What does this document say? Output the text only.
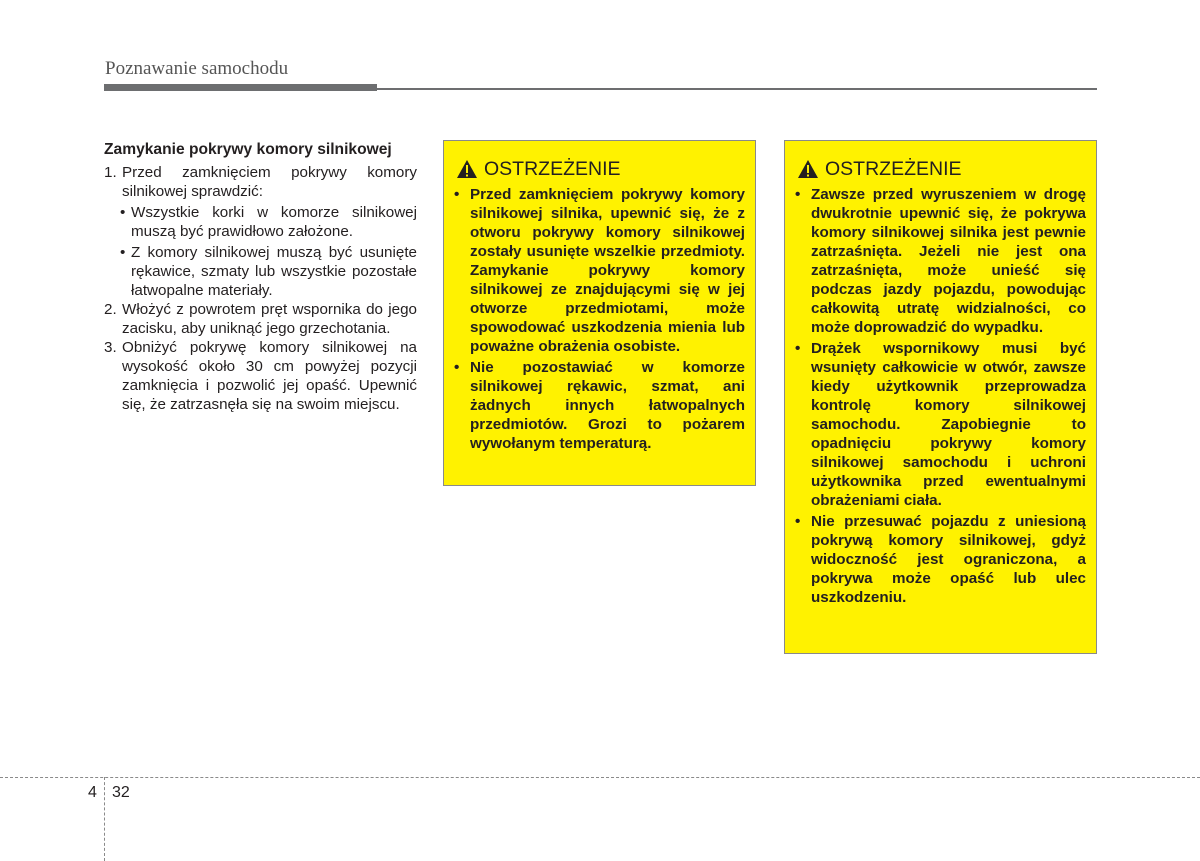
Poznawanie samochodu
Zamykanie pokrywy komory silnikowej
1. Przed zamknięciem pokrywy komory silnikowej sprawdzić:
• Wszystkie korki w komorze silnikowej muszą być prawidłowo założone.
• Z komory silnikowej muszą być usunięte rękawice, szmaty lub wszystkie pozostałe łatwopalne materiały.
2. Włożyć z powrotem pręt wspornika do jego zacisku, aby uniknąć jego grzechotania.
3. Obniżyć pokrywę komory silnikowej na wysokość około 30 cm powyżej pozycji zamknięcia i pozwolić jej opaść. Upewnić się, że zatrzasnęła się na swoim miejscu.
OSTRZEŻENIE
• Przed zamknięciem pokrywy komory silnikowej silnika, upewnić się, że z otworu pokrywy komory silnikowej zostały usunięte wszelkie przedmioty. Zamykanie pokrywy komory silnikowej ze znajdującymi się w jej otworze przedmiotami, może spowodować uszkodzenia mienia lub poważne obrażenia osobiste.
• Nie pozostawiać w komorze silnikowej rękawic, szmat, ani żadnych innych łatwopalnych przedmiotów. Grozi to pożarem wywołanym temperaturą.
OSTRZEŻENIE
• Zawsze przed wyruszeniem w drogę dwukrotnie upewnić się, że pokrywa komory silnikowej silnika jest pewnie zatrzaśnięta. Jeżeli nie jest ona zatrzaśnięta, może unieść się podczas jazdy pojazdu, powodując całkowitą utratę widzialności, co może doprowadzić do wypadku.
• Drążek wspornikowy musi być wsunięty całkowicie w otwór, zawsze kiedy użytkownik przeprowadza kontrolę komory silnikowej samochodu. Zapobiegnie to opadnięciu pokrywy komory silnikowej samochodu i uchroni użytkownika przed ewentualnymi obrażeniami ciała.
• Nie przesuwać pojazdu z uniesioną pokrywą komory silnikowej, gdyż widoczność jest ograniczona, a pokrywa może opaść lub ulec uszkodzeniu.
4 32
